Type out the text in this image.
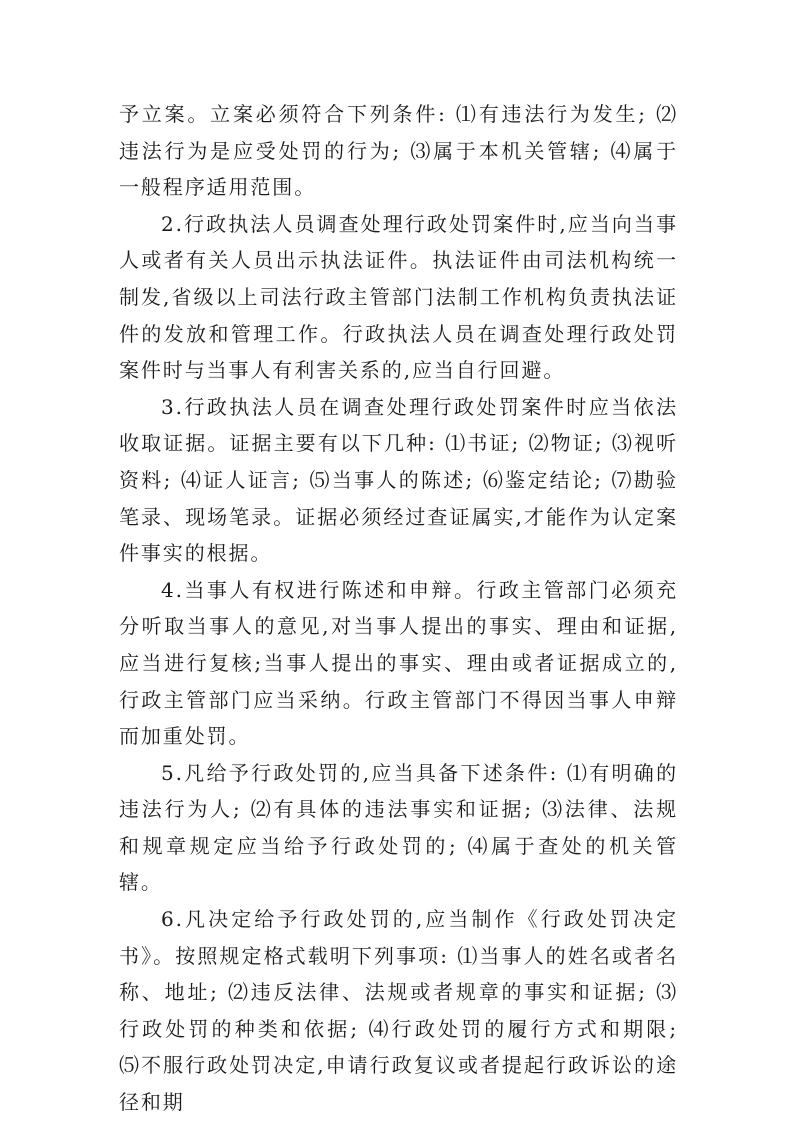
予立案。立案必须符合下列条件: ⑴有违法行为发生; ⑵违法行为是应受处罚的行为; ⑶属于本机关管辖; ⑷属于一般程序适用范围。

2.行政执法人员调查处理行政处罚案件时,应当向当事人或者有关人员出示执法证件。执法证件由司法机构统一制发,省级以上司法行政主管部门法制工作机构负责执法证件的发放和管理工作。行政执法人员在调查处理行政处罚案件时与当事人有利害关系的,应当自行回避。

3.行政执法人员在调查处理行政处罚案件时应当依法收取证据。证据主要有以下几种: ⑴书证; ⑵物证; ⑶视听资料; ⑷证人证言; ⑸当事人的陈述; ⑹鉴定结论; ⑺勘验笔录、现场笔录。证据必须经过查证属实,才能作为认定案件事实的根据。

4.当事人有权进行陈述和申辩。行政主管部门必须充分听取当事人的意见,对当事人提出的事实、理由和证据,应当进行复核;当事人提出的事实、理由或者证据成立的,行政主管部门应当采纳。行政主管部门不得因当事人申辩而加重处罚。

5.凡给予行政处罚的,应当具备下述条件: ⑴有明确的违法行为人; ⑵有具体的违法事实和证据; ⑶法律、法规和规章规定应当给予行政处罚的; ⑷属于查处的机关管辖。

6.凡决定给予行政处罚的,应当制作《行政处罚决定书》。按照规定格式载明下列事项: ⑴当事人的姓名或者名称、地址; ⑵违反法律、法规或者规章的事实和证据; ⑶行政处罚的种类和依据; ⑷行政处罚的履行方式和期限; ⑸不服行政处罚决定,申请行政复议或者提起行政诉讼的途径和期
